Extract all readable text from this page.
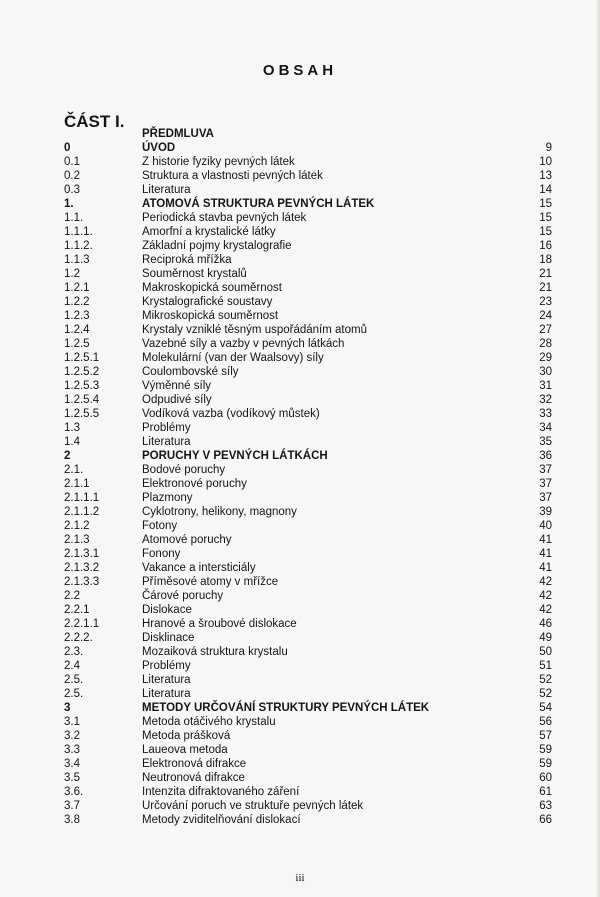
OBSAH
ČÁST I.
PŘEDMLUVA
0	ÚVOD	9
0.1	Z historie fyziky pevných látek	10
0.2	Struktura a vlastnosti pevných látek	13
0.3	Literatura	14
1.	ATOMOVÁ STRUKTURA PEVNÝCH LÁTEK	15
1.1.	Periodická stavba pevných látek	15
1.1.1.	Amorfní a krystalické látky	15
1.1.2.	Základní pojmy krystalografie	16
1.1.3	Reciproká mřížka	18
1.2	Souměrnost krystalů	21
1.2.1	Makroskopická souměrnost	21
1.2.2	Krystalografické soustavy	23
1.2.3	Mikroskopická souměrnost	24
1.2.4	Krystaly vzniklé těsným uspořádáním atomů	27
1.2.5	Vazebné síly a vazby v pevných látkách	28
1.2.5.1	Molekulární (van der Waalsovy) síly	29
1.2.5.2	Coulombovské síly	30
1.2.5.3	Výměnné síly	31
1.2.5.4	Odpudivé síly	32
1.2.5.5	Vodíková vazba (vodíkový můstek)	33
1.3	Problémy	34
1.4	Literatura	35
2	PORUCHY V PEVNÝCH LÁTKÁCH	36
2.1.	Bodové poruchy	37
2.1.1	Elektronové poruchy	37
2.1.1.1	Plazmony	37
2.1.1.2	Cyklotrony, helikony, magnony	39
2.1.2	Fotony	40
2.1.3	Atomové poruchy	41
2.1.3.1	Fonony	41
2.1.3.2	Vakance a intersticiály	41
2.1.3.3	Příměsové atomy v mřížce	42
2.2	Čárové poruchy	42
2.2.1	Dislokace	42
2.2.1.1	Hranové a šroubové dislokace	46
2.2.2.	Disklinace	49
2.3.	Mozaiková struktura krystalu	50
2.4	Problémy	51
2.5.	Literatura	52
2.5.	Literatura	52
3	METODY URČOVÁNÍ STRUKTURY PEVNÝCH LÁTEK	54
3.1	Metoda otáčivého krystalu	56
3.2	Metoda prášková	57
3.3	Laueova metoda	59
3.4	Elektronová difrakce	59
3.5	Neutronová difrakce	60
3.6.	Intenzita difraktovaného záření	61
3.7	Určování poruch ve struktuře pevných látek	63
3.8	Metody zviditelňování dislokací	66
iii
